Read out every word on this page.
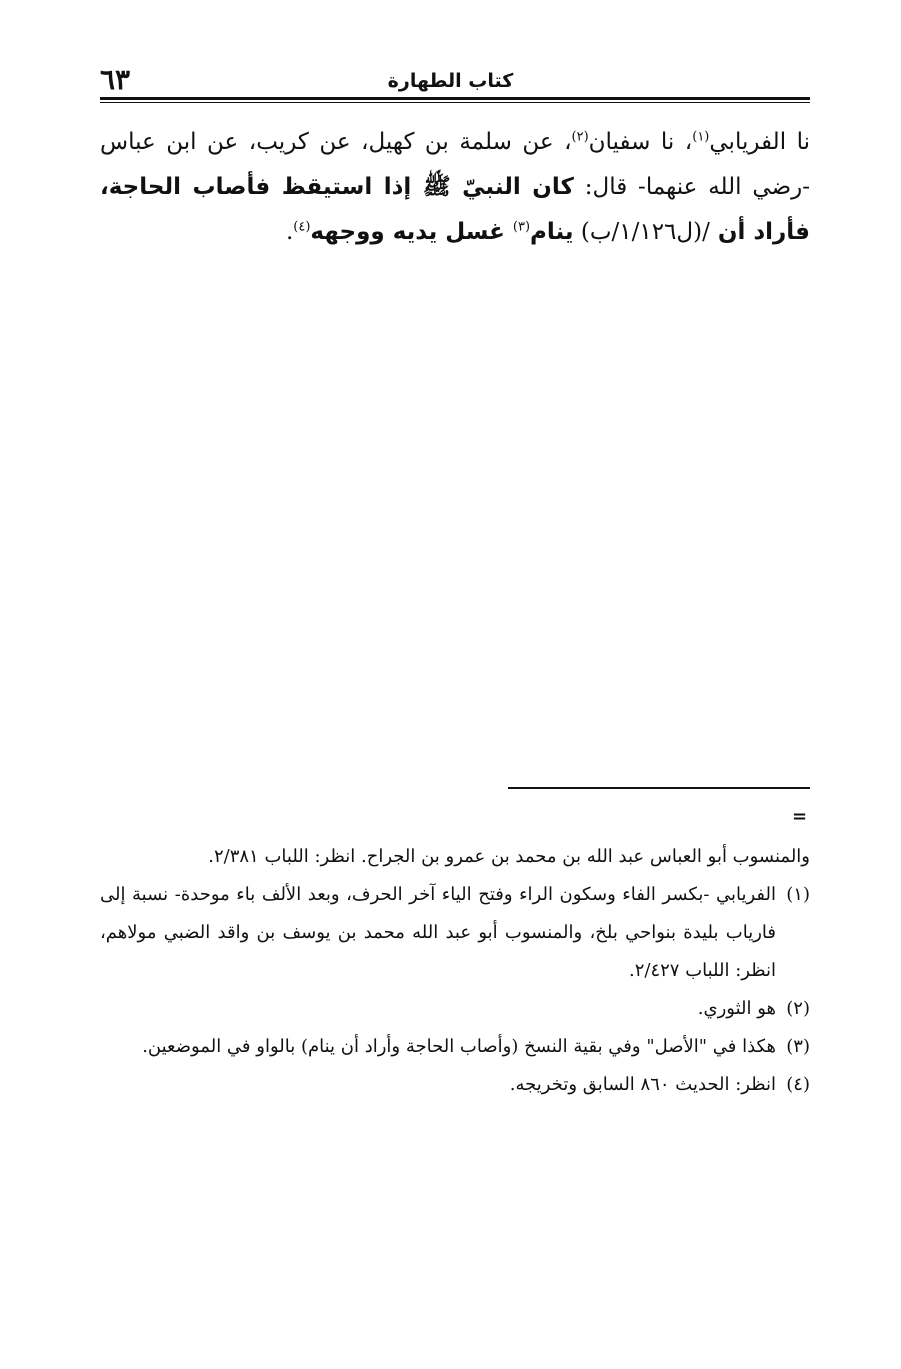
٦٣	كتاب الطهارة

نا الفريابي$^{(١)}$، نا سفيان$^{(٢)}$، عن سلمة بن كهيل، عن كريب، عن ابن عباس -رضي الله عنهما- قال: كان النبيّ ﷺ إذا استيقظ فأصاب الحاجة، فأراد أن /(ل١/١٢٦/ب) ينام$^{(٣)}$ غسل يديه ووجهه$^{(٤)}$.

=

والمنسوب أبو العباس عبد الله بن محمد بن عمرو بن الجراح. انظر: اللباب ٢/٣٨١.

(١)
الفريابي -بكسر الفاء وسكون الراء وفتح الياء آخر الحرف، وبعد الألف باء موحدة- نسبة إلى فارياب بليدة بنواحي بلخ، والمنسوب أبو عبد الله محمد بن يوسف بن واقد الضبي مولاهم، انظر: اللباب ٢/٤٢٧.
(٢)
هو الثوري.
(٣)
هكذا في "الأصل" وفي بقية النسخ (وأصاب الحاجة وأراد أن ينام) بالواو في الموضعين.
(٤)
انظر: الحديث ٨٦٠ السابق وتخريجه.
